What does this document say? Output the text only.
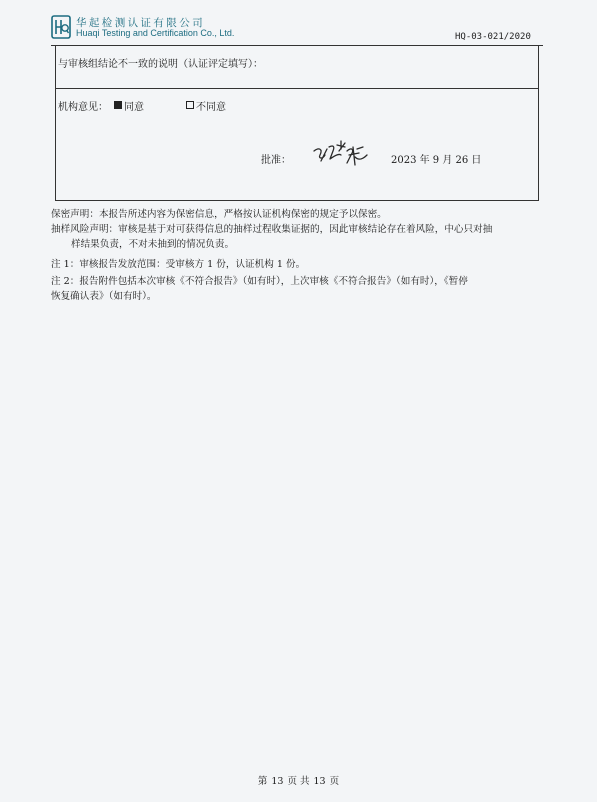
华起检测认证有限公司
Huaqi Testing and Certification Co., Ltd.	HQ-03-021/2020
与审核组结论不一致的说明（认证评定填写）：
机构意见：	同意	不同意
批准：	2023 年 9 月 26 日
保密声明：本报告所述内容为保密信息，严格按认证机构保密的规定予以保密。
抽样风险声明：审核是基于对可获得信息的抽样过程收集证据的，因此审核结论存在着风险，中心只对抽
样结果负责，不对未抽到的情况负责。
注 1：审核报告发放范围：受审核方 1 份，认证机构 1 份。
注 2：报告附件包括本次审核《不符合报告》（如有时），上次审核《不符合报告》（如有时），《暂停
恢复确认表》（如有时）。
第 13 页 共 13 页
